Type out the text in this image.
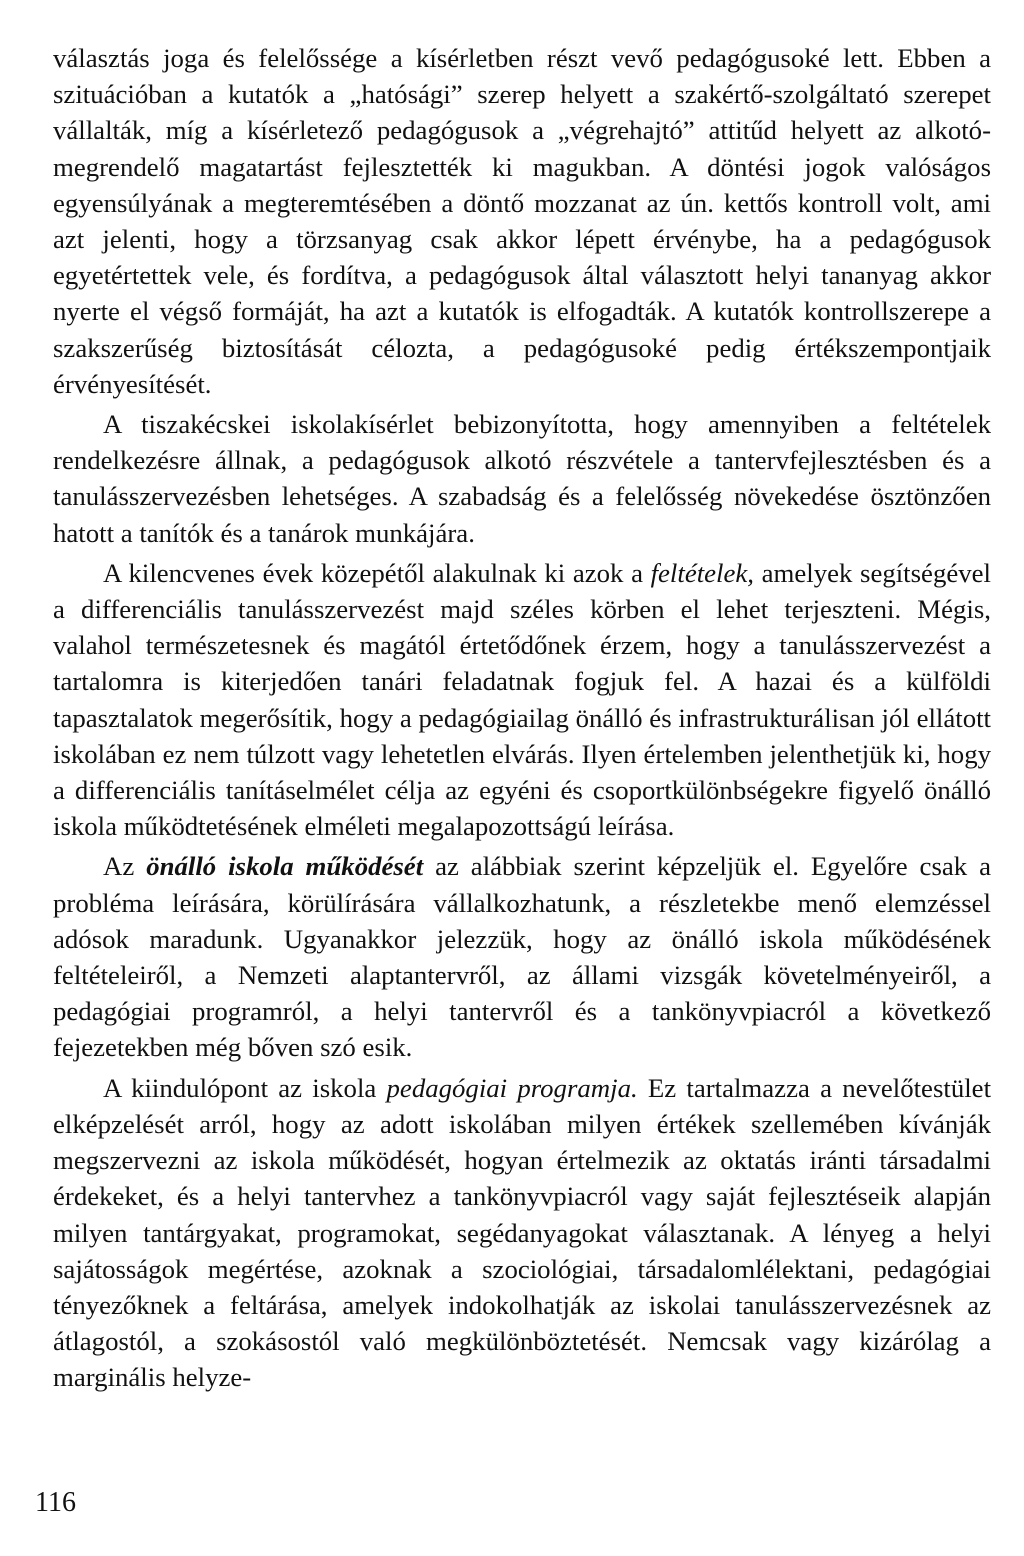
választás joga és felelőssége a kísérletben részt vevő pedagógusoké lett. Ebben a szituációban a kutatók a „hatósági” szerep helyett a szakértő-szolgáltató szerepet vállalták, míg a kísérletező pedagógusok a „végrehajtó” attitűd helyett az alkotó-megrendelő magatartást fejlesztették ki magukban. A döntési jogok valóságos egyensúlyának a megteremtésében a döntő mozzanat az ún. kettős kontroll volt, ami azt jelenti, hogy a törzsanyag csak akkor lépett érvénybe, ha a pedagógusok egyetértettek vele, és fordítva, a pedagógusok által választott helyi tananyag akkor nyerte el végső formáját, ha azt a kutatók is elfogadták. A kutatók kontrollszerepe a szakszerűség biztosítását célozta, a pedagógusoké pedig értékszempontjaik érvényesítését.

A tiszakécskei iskolakísérlet bebizonyította, hogy amennyiben a feltételek rendelkezésre állnak, a pedagógusok alkotó részvétele a tantervfejlesztésben és a tanulásszervezésben lehetséges. A szabadság és a felelősség növekedése ösztönzően hatott a tanítók és a tanárok munkájára.

A kilencvenes évek közepétől alakulnak ki azok a feltételek, amelyek segítségével a differenciális tanulásszervezést majd széles körben el lehet terjeszteni. Mégis, valahol természetesnek és magától értetődőnek érzem, hogy a tanulásszervezést a tartalomra is kiterjedően tanári feladatnak fogjuk fel. A hazai és a külföldi tapasztalatok megerősítik, hogy a pedagógiailag önálló és infrastrukturálisan jól ellátott iskolában ez nem túlzott vagy lehetetlen elvárás. Ilyen értelemben jelenthetjük ki, hogy a differenciális tanításelmélet célja az egyéni és csoportkülönbségekre figyelő önálló iskola működtetésének elméleti megalapozottságú leírása.

Az önálló iskola működését az alábbiak szerint képzeljük el. Egyelőre csak a probléma leírására, körülírására vállalkozhatunk, a részletekbe menő elemzéssel adósok maradunk. Ugyanakkor jelezzük, hogy az önálló iskola működésének feltételeiről, a Nemzeti alaptantervről, az állami vizsgák követelményeiről, a pedagógiai programról, a helyi tantervről és a tankönyvpiacról a következő fejezetekben még bőven szó esik.

A kiindulópont az iskola pedagógiai programja. Ez tartalmazza a nevelőtestület elképzelését arról, hogy az adott iskolában milyen értékek szellemében kívánják megszervezni az iskola működését, hogyan értelmezik az oktatás iránti társadalmi érdekeket, és a helyi tantervhez a tankönyvpiacról vagy saját fejlesztéseik alapján milyen tantárgyakat, programokat, segédanyagokat választanak. A lényeg a helyi sajátosságok megértése, azoknak a szociológiai, társadalomlélektani, pedagógiai tényezőknek a feltárása, amelyek indokolhatják az iskolai tanulásszervezésnek az átlagostól, a szokásostól való megkülönböztetését. Nemcsak vagy kizárólag a marginális helyze-

116
